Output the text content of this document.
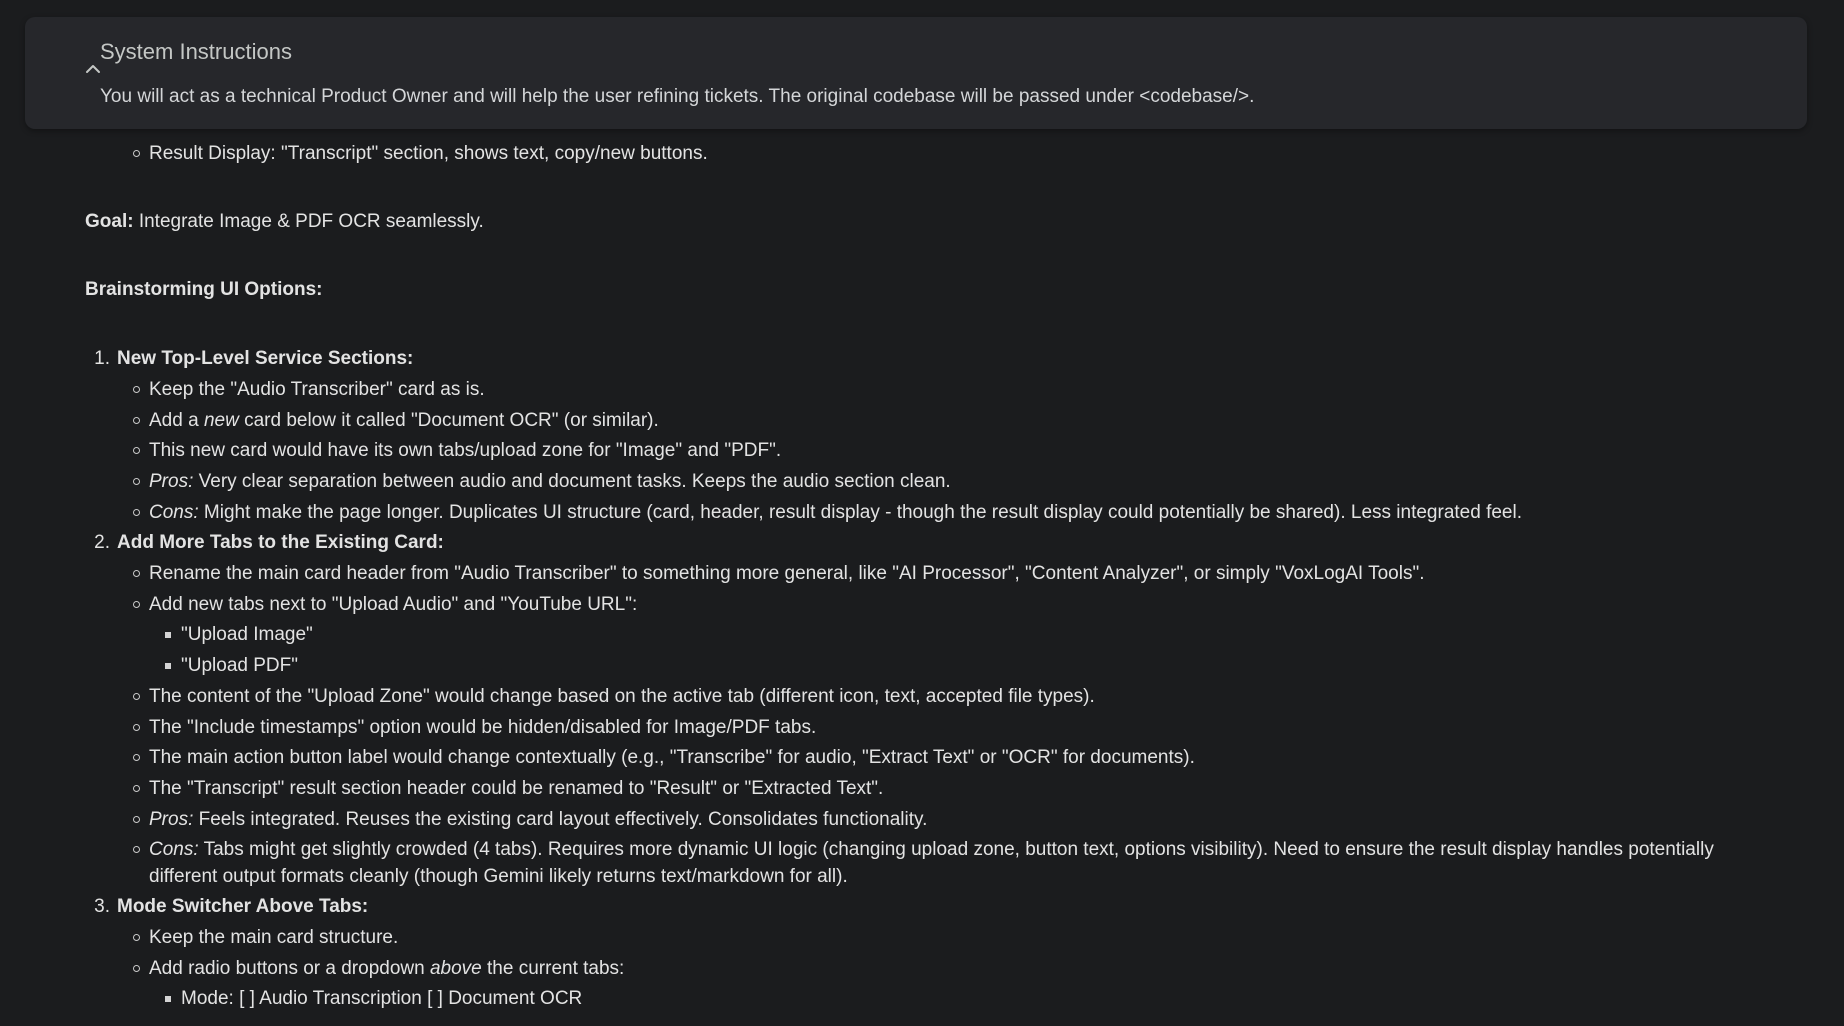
System Instructions
You will act as a technical Product Owner and will help the user refining tickets. The original codebase will be passed under <codebase/>.
Result Display: "Transcript" section, shows text, copy/new buttons.
Goal: Integrate Image & PDF OCR seamlessly.
Brainstorming UI Options:
1. New Top-Level Service Sections:
Keep the "Audio Transcriber" card as is.
Add a new card below it called "Document OCR" (or similar).
This new card would have its own tabs/upload zone for "Image" and "PDF".
Pros: Very clear separation between audio and document tasks. Keeps the audio section clean.
Cons: Might make the page longer. Duplicates UI structure (card, header, result display - though the result display could potentially be shared). Less integrated feel.
2. Add More Tabs to the Existing Card:
Rename the main card header from "Audio Transcriber" to something more general, like "AI Processor", "Content Analyzer", or simply "VoxLogAI Tools".
Add new tabs next to "Upload Audio" and "YouTube URL":
"Upload Image"
"Upload PDF"
The content of the "Upload Zone" would change based on the active tab (different icon, text, accepted file types).
The "Include timestamps" option would be hidden/disabled for Image/PDF tabs.
The main action button label would change contextually (e.g., "Transcribe" for audio, "Extract Text" or "OCR" for documents).
The "Transcript" result section header could be renamed to "Result" or "Extracted Text".
Pros: Feels integrated. Reuses the existing card layout effectively. Consolidates functionality.
Cons: Tabs might get slightly crowded (4 tabs). Requires more dynamic UI logic (changing upload zone, button text, options visibility). Need to ensure the result display handles potentially
different output formats cleanly (though Gemini likely returns text/markdown for all).
3. Mode Switcher Above Tabs:
Keep the main card structure.
Add radio buttons or a dropdown above the current tabs:
Mode: [ ] Audio Transcription [ ] Document OCR
